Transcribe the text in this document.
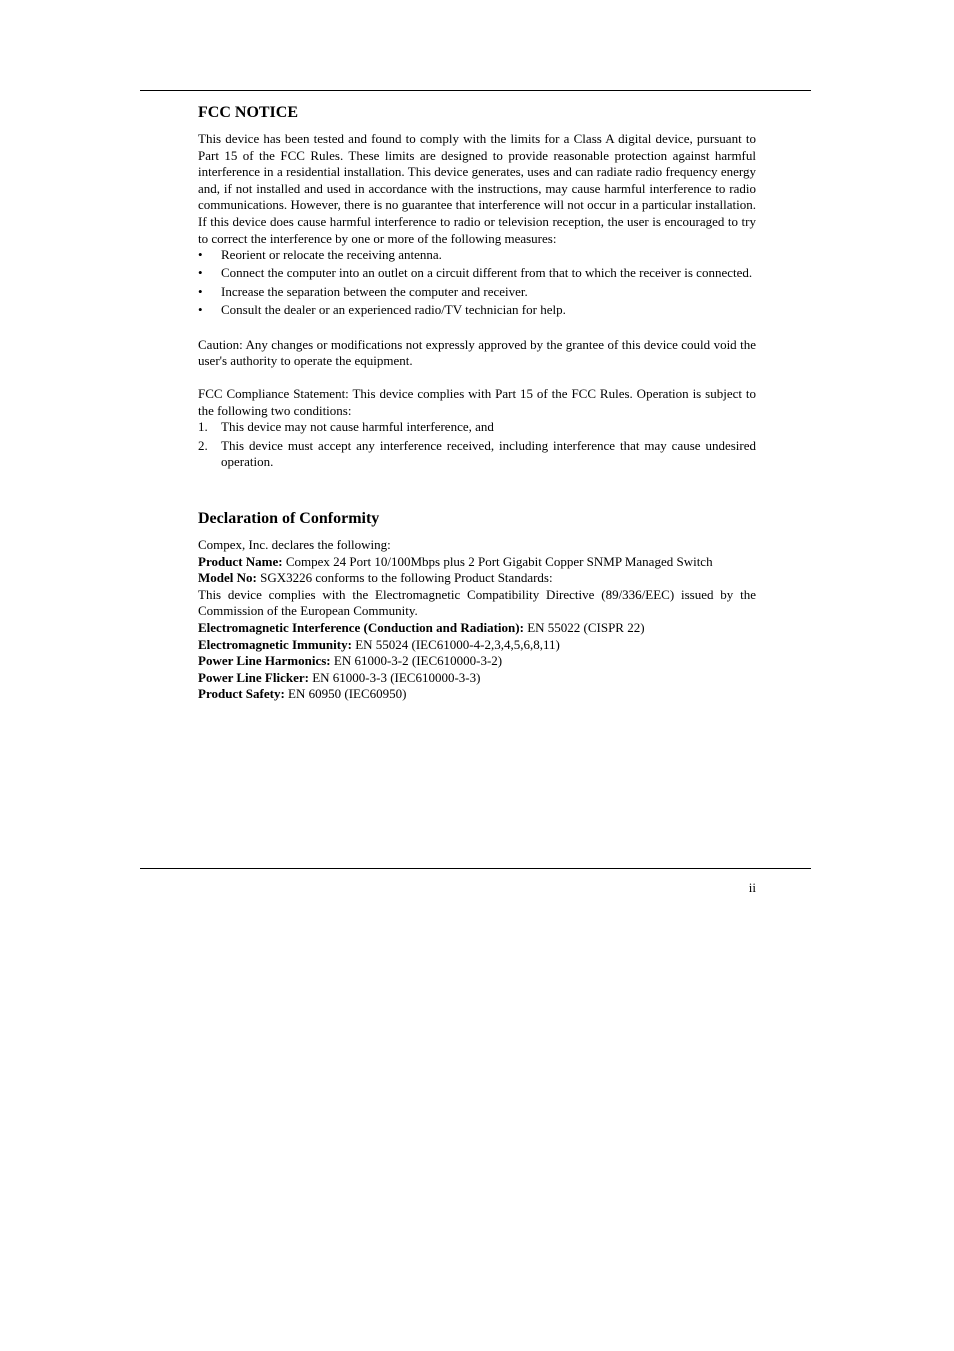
FCC NOTICE

This device has been tested and found to comply with the limits for a Class A digital device, pursuant to Part 15 of the FCC Rules. These limits are designed to provide reasonable protection against harmful interference in a residential installation. This device generates, uses and can radiate radio frequency energy and, if not installed and used in accordance with the instructions, may cause harmful interference to radio communications. However, there is no guarantee that interference will not occur in a particular installation. If this device does cause harmful interference to radio or television reception, the user is encouraged to try to correct the interference by one or more of the following measures:

• Reorient or relocate the receiving antenna.
• Connect the computer into an outlet on a circuit different from that to which the receiver is connected.
• Increase the separation between the computer and receiver.
• Consult the dealer or an experienced radio/TV technician for help.

Caution: Any changes or modifications not expressly approved by the grantee of this device could void the user's authority to operate the equipment.

FCC Compliance Statement: This device complies with Part 15 of the FCC Rules. Operation is subject to the following two conditions:

1. This device may not cause harmful interference, and
2. This device must accept any interference received, including interference that may cause undesired operation.
Declaration of Conformity
Compex, Inc. declares the following:
Product Name: Compex 24 Port 10/100Mbps plus 2 Port Gigabit Copper SNMP Managed Switch
Model No: SGX3226 conforms to the following Product Standards:
This device complies with the Electromagnetic Compatibility Directive (89/336/EEC) issued by the Commission of the European Community.
Electromagnetic Interference (Conduction and Radiation): EN 55022 (CISPR 22)
Electromagnetic Immunity: EN 55024 (IEC61000-4-2,3,4,5,6,8,11)
Power Line Harmonics: EN 61000-3-2 (IEC610000-3-2)
Power Line Flicker: EN 61000-3-3 (IEC610000-3-3)
Product Safety: EN 60950 (IEC60950)
ii
